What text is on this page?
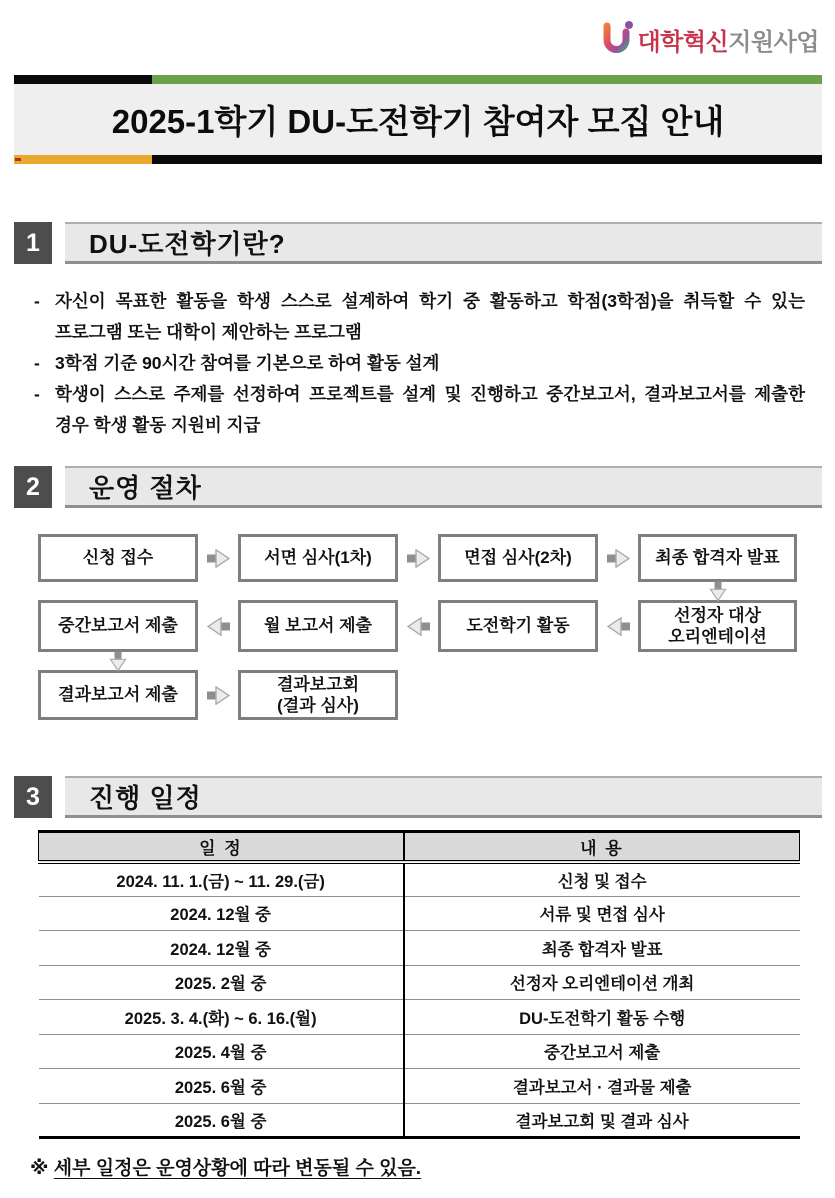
대학혁신지원사업
2025-1학기 DU-도전학기 참여자 모집 안내
1	DU-도전학기란?
- 자신이 목표한 활동을 학생 스스로 설계하여 학기 중 활동하고 학점(3학점)을 취득할 수 있는 프로그램 또는 대학이 제안하는 프로그램
- 3학점 기준 90시간 참여를 기본으로 하여 활동 설계
- 학생이 스스로 주제를 선정하여 프로젝트를 설계 및 진행하고 중간보고서, 결과보고서를 제출한 경우 학생 활동 지원비 지급
2	운영 절차
신청 접수	서면 심사(1차)	면접 심사(2차)	최종 합격자 발표
중간보고서 제출	월 보고서 제출	도전학기 활동
선정자 대상
오리엔테이션
결과보고서 제출
결과보고회
(결과 심사)
3	진행 일정
일 정	내 용
2024. 11. 1.(금) ~ 11. 29.(금)	신청 및 접수
2024. 12월 중	서류 및 면접 심사
2024. 12월 중	최종 합격자 발표
2025. 2월 중	선정자 오리엔테이션 개최
2025. 3. 4.(화) ~ 6. 16.(월)	DU-도전학기 활동 수행
2025. 4월 중	중간보고서 제출
2025. 6월 중	결과보고서 · 결과물 제출
2025. 6월 중	결과보고회 및 결과 심사
※ 세부 일정은 운영상황에 따라 변동될 수 있음.
